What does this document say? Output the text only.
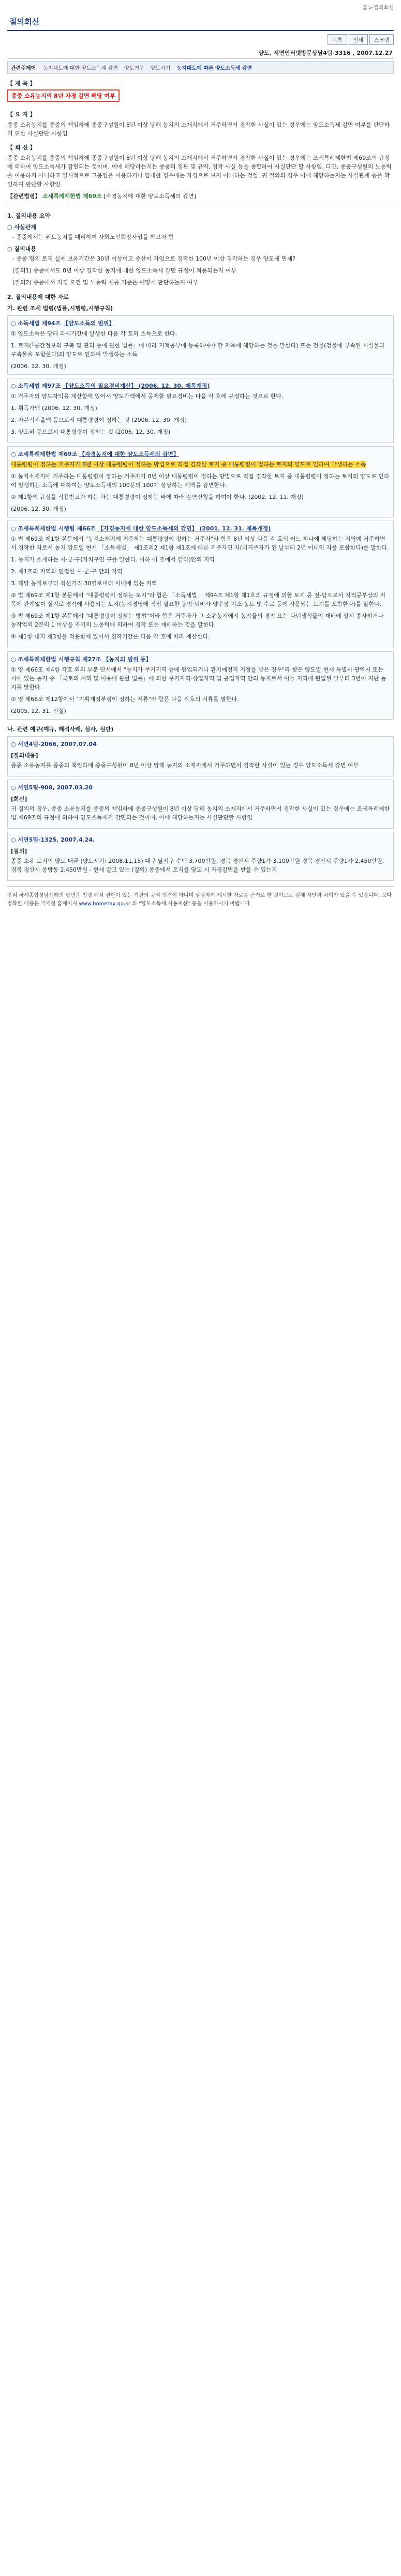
홈 > 질의회신
질의회신
목록 인쇄 스크랩
양도, 서면인터넷방문상담4팀-3316 , 2007.12.27
관련주제어 농지대토에 대한 양도소득세 감면 양도거주 양도시기 농지대토에 따른 양도소득세 감면
【 제 목 】
종중 소유농지의 8년 자경 감면 해당 여부
【 요 지 】

종중 소유농지를 종중의 책임하에 종중구성원이 8년 이상 당해 농지의 소재지에서 거주하면서 경작한 사실이 있는 경우에는 양도소득세 감면 여부를 판단하기 위한 사실판단 사항임

【 회 신 】

종중 소유농지를 종중의 책임하에 종중구성원이 8년 이상 당해 농지의 소재지에서 거주하면서 경작한 사실이 있는 경우에는 조세특례제한법 제69조의 규정에 의하여 양도소득세가 감면되는 것이며, 이에 해당하는지는 종중의 정관 및 규약, 경작 사실 등을 종합하여 사실판단 할 사항임. 다만, 종중구성원의 노동력을 이용하지 아니하고 일시적으로 고용인을 이용하거나 임대한 경우에는 자경으로 보지 아니하는 것임. 귀 질의의 경우 이에 해당하는지는 사실관계 등을 확인하여 판단할 사항임

【관련법령】 조세특례제한법 제69조 [자경농지에 대한 양도소득세의 감면]

1. 질의내용 요약
○ 사실관계
- 종중에서는 위토농지를 대리하여 사회노인회장사업을 하고자 함
○ 질의내용
- 종중 명의 토지 실제 보유기간은 30년 이상이고 종산이 가업으로 경작한 100년 이상 경작하는 경우 양도세 면제?
(질의1) 종중에서도 8년 이상 경작한 농지에 대한 양도소득세 감면 규정이 적용되는지 여부
(질의2) 종중에서 자경 요건 및 노동력 제공 기준은 어떻게 판단하는지 여부
2. 질의내용에 대한 자료
가. 관련 조세 법령(법률,시행령,시행규칙)
○ 소득세법 제94조 【양도소득의 범위】
① 양도소득은 당해 과세기간에 발생한 다음 각 호의 소득으로 한다.
1. 토지(「공간정보의 구축 및 관리 등에 관한 법률」에 따라 지적공부에 등록하여야 할 지목에 해당하는 것을 말한다) 또는 건물(건물에 부속된 시설물과 구축물을 포함한다)의 양도로 인하여 발생하는 소득
(2006. 12. 30. 개정)
○ 소득세법 제97조 【양도소득의 필요경비계산】 (2006. 12. 30. 제목개정)
① 거주자의 양도차익을 계산함에 있어서 양도가액에서 공제할 필요경비는 다음 각 호에 규정하는 것으로 한다.
1. 취득가액 (2006. 12. 30. 개정)
2. 자본적지출액 등으로서 대통령령이 정하는 것 (2006. 12. 30. 개정)
3. 양도비 등으로서 대통령령이 정하는 것 (2006. 12. 30. 개정)
○ 조세특례제한법 제69조 【자경농지에 대한 양도소득세의 감면】
대통령령이 정하는 거주자가 8년 이상 대통령령이 정하는 방법으로 직접 경작한 토지 중 대통령령이 정하는 토지의 양도로 인하여 발생하는 소득
① 농지소재지에 거주하는 대통령령이 정하는 거주자가 8년 이상 대통령령이 정하는 방법으로 직접 경작한 토지 중 대통령령이 정하는 토지의 양도로 인하여 발생하는 소득에 대하여는 양도소득세의 100분의 100에 상당하는 세액을 감면한다.
② 제1항의 규정을 적용받고자 하는 자는 대통령령이 정하는 바에 따라 감면신청을 하여야 한다. (2002. 12. 11. 개정)
(2006. 12. 30. 개정)
○ 조세특례제한법 시행령 제66조 【자경농지에 대한 양도소득세의 감면】 (2001. 12. 31. 제목개정)
① 법 제69조 제1항 본문에서 "농지소재지에 거주하는 대통령령이 정하는 거주자"라 함은 8년 이상 다음 각 호의 어느 하나에 해당하는 지역에 거주하면서 경작한 자로서 농지 양도일 현재 「소득세법」 제1조의2 제1항 제1호에 따른 거주자인 자(비거주자가 된 날부터 2년 이내인 자를 포함한다)를 말한다.
1. 농지가 소재하는 시·군·구(자치구인 구를 말한다. 이하 이 조에서 같다)안의 지역
2. 제1호의 지역과 연접한 시·군·구 안의 지역
3. 해당 농지로부터 직선거리 30킬로미터 이내에 있는 지역
② 법 제69조 제1항 본문에서 "대통령령이 정하는 토지"라 함은 「소득세법」 제94조 제1항 제1호의 규정에 의한 토지 중 전·답으로서 지적공부상의 지목에 관계없이 실지로 경작에 사용되는 토지(농지경영에 직접 필요한 농막·퇴비사·양수장·지소·농도 및 수로 등에 사용되는 토지를 포함한다)를 말한다.
③ 법 제69조 제1항 본문에서 "대통령령이 정하는 방법"이라 함은 거주자가 그 소유농지에서 농작물의 경작 또는 다년생식물의 재배에 상시 종사하거나 농작업의 2분의 1 이상을 자기의 노동력에 의하여 경작 또는 재배하는 것을 말한다.
④ 제1항 내지 제3항을 적용함에 있어서 경작기간은 다음 각 호에 따라 계산한다.
○ 조세특례제한법 시행규칙 제27조 【농지의 범위 등】
① 영 제66조 제4항 각호 외의 부분 단서에서 "농지가 주거지역 등에 편입되거나 환지예정지 지정을 받은 경우"라 함은 양도일 현재 특별시·광역시 또는 시에 있는 농지 중 「국토의 계획 및 이용에 관한 법률」에 의한 주거지역·상업지역 및 공업지역 안의 농지로서 이들 지역에 편입된 날부터 3년이 지난 농지를 말한다.
② 영 제66조 제12항에서 "기획재정부령이 정하는 서류"라 함은 다음 각호의 서류를 말한다.
(2005. 12. 31. 신설)
나. 관련 예규(예규, 해석사례, 심사, 심판)
○ 서면4팀-2066, 2007.07.04
[질의내용]
종중 소유농지를 종중의 책임하에 종중구성원이 8년 이상 당해 농지의 소재지에서 거주하면서 경작한 사실이 있는 경우 양도소득세 감면 여부
○ 서면5팀-908, 2007.03.20
[회신]
귀 질의의 경우, 종중 소유농지를 종중의 책임하에 종중구성원이 8년 이상 당해 농지의 소재지에서 거주하면서 경작한 사실이 있는 경우에는 조세특례제한법 제69조의 규정에 의하여 양도소득세가 감면되는 것이며, 이에 해당하는지는 사실판단할 사항임
○ 서면5팀-1325, 2007.4.24.
[질의]
종중 소유 토지의 양도 대금 (양도시기: 2008.11.15) 대구 달서구 수백 3,700만원, 경북 경산시 주량1가 3,100만원 경북 경산시 주량1가 2,450만원, 경북 경산시 중방동 2,450만원 - 현재 갈고 있는 (질의) 종중에서 토지를 양도 시 자경감면을 받을 수 있는지
우리 국세종합상담센터의 답변은 법령 해석 권한이 있는 기관의 공식 의견이 아니며 상담자가 제시한 자료를 근거로 한 것이므로 실제 사안과 차이가 있을 수 있습니다. 보다 정확한 내용은 국세청 홈페이지 www.hometax.go.kr 의 "양도소득세 자동계산" 등을 이용하시기 바랍니다.
